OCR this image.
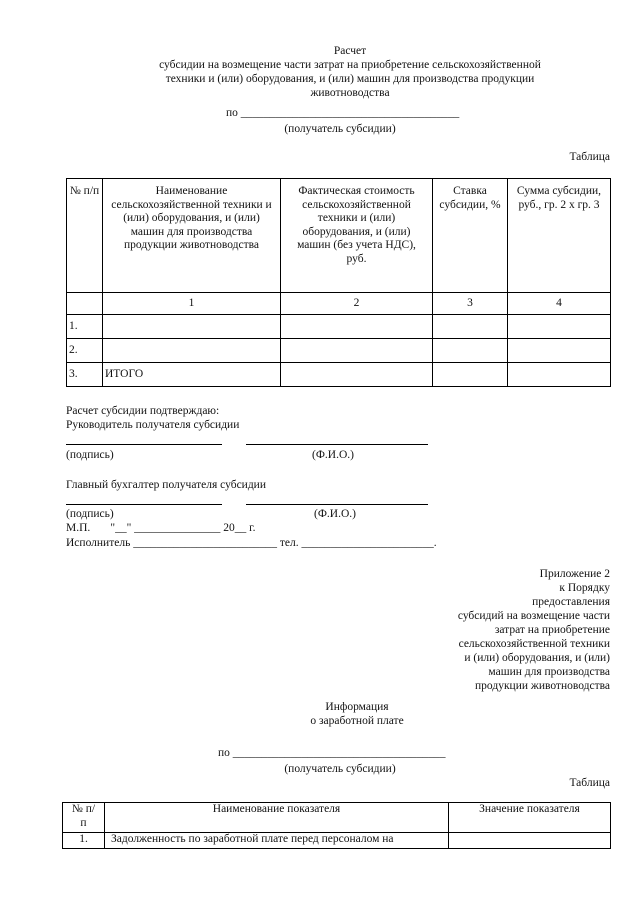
Расчет
субсидии на возмещение части затрат на приобретение сельскохозяйственной
техники и (или) оборудования, и (или) машин для производства продукции
животноводства
по ______________________________________
(получатель субсидии)
Таблица
№ п/п	Наименование сельскохозяйственной техники и (или) оборудования, и (или) машин для производства продукции животноводства	Фактическая стоимость сельскохозяйственной техники и (или) оборудования, и (или) машин (без учета НДС), руб.	Ставка субсидии, %	Сумма субсидии, руб., гр. 2 x гр. 3
	1	2	3	4
1.				
2.				
3.	ИТОГО			
Расчет субсидии подтверждаю:
Руководитель получателя субсидии
(подпись)	(Ф.И.О.)
Главный бухгалтер получателя субсидии
(подпись)	(Ф.И.О.)
М.П.       "__" _______________ 20__ г.
Исполнитель _________________________ тел. _______________________.
Приложение 2
к Порядку
предоставления
субсидий на возмещение части
затрат на приобретение
сельскохозяйственной техники
и (или) оборудования, и (или)
машин для производства
продукции животноводства
Информация
о заработной плате
по _____________________________________
(получатель субсидии)
Таблица
№ п/п	Наименование показателя	Значение показателя
1.	Задолженность по заработной плате перед персоналом на	
